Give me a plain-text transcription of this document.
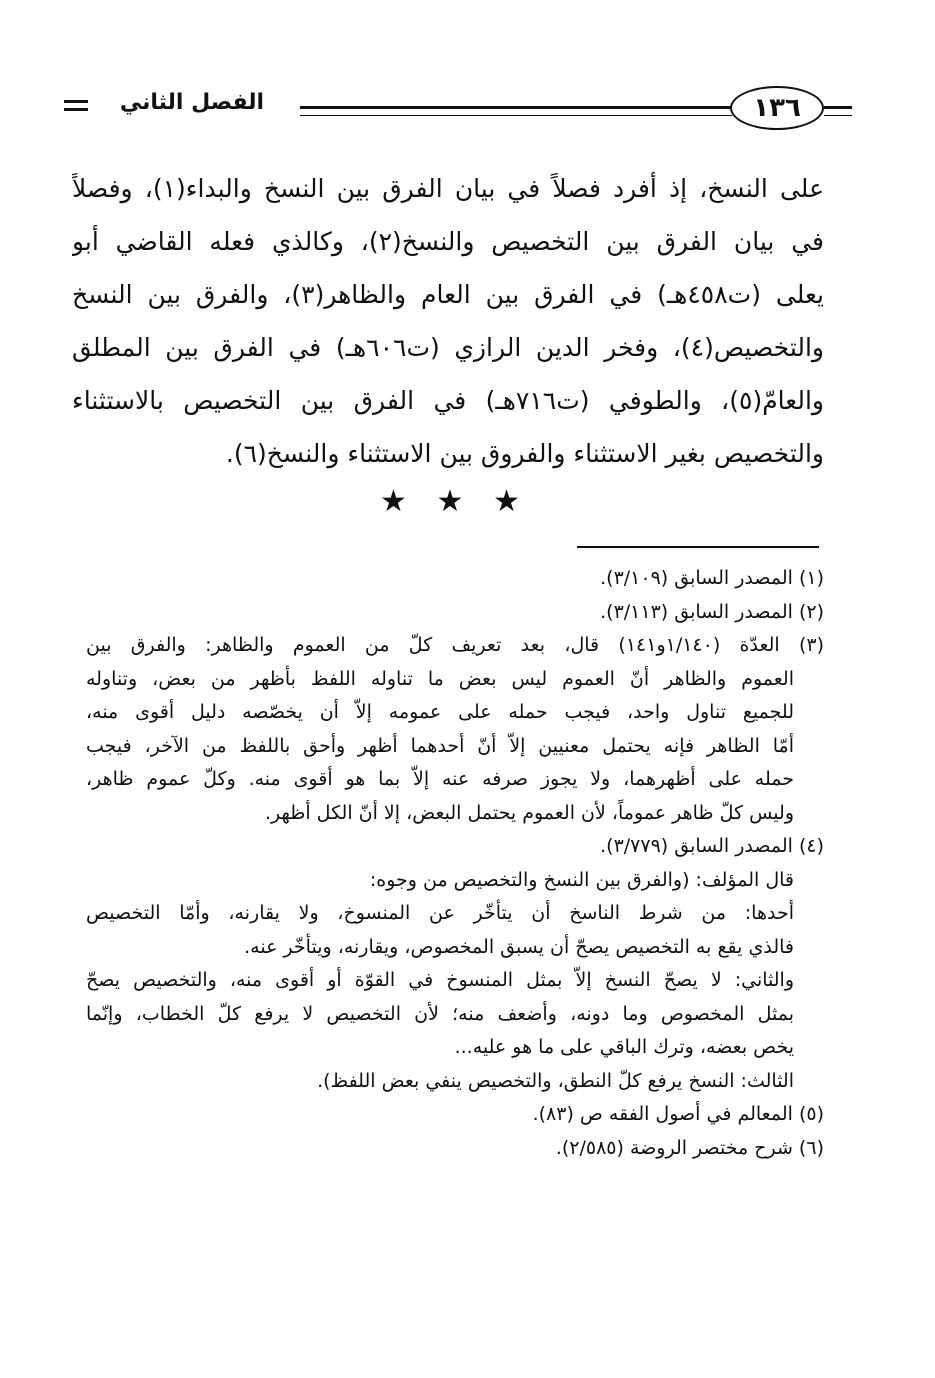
١٣٦
الفصل الثاني
على النسخ، إذ أفرد فصلاً في بيان الفرق بين النسخ والبداء(١)، وفصلاً
في بيان الفرق بين التخصيص والنسخ(٢)، وكالذي فعله القاضي أبو
يعلى (ت٤٥٨هـ) في الفرق بين العام والظاهر(٣)، والفرق بين النسخ
والتخصيص(٤)، وفخر الدين الرازي (ت٦٠٦هـ) في الفرق بين المطلق
والعامّ(٥)، والطوفي (ت٧١٦هـ) في الفرق بين التخصيص بالاستثناء
والتخصيص بغير الاستثناء والفروق بين الاستثناء والنسخ(٦).
★ ★ ★
(١) المصدر السابق (٣/١٠٩).
(٢) المصدر السابق (٣/١١٣).
(٣) العدّة (١/١٤٠و١٤١) قال، بعد تعريف كلّ من العموم والظاهر: والفرق بين
العموم والظاهر أنّ العموم ليس بعض ما تناوله اللفظ بأظهر من بعض، وتناوله
للجميع تناول واحد، فيجب حمله على عمومه إلاّ أن يخصّصه دليل أقوى منه،
أمّا الظاهر فإنه يحتمل معنيين إلاّ أنّ أحدهما أظهر وأحق باللفظ من الآخر، فيجب
حمله على أظهرهما، ولا يجوز صرفه عنه إلاّ بما هو أقوى منه. وكلّ عموم ظاهر،
وليس كلّ ظاهر عموماً، لأن العموم يحتمل البعض، إلا أنّ الكل أظهر.
(٤) المصدر السابق (٣/٧٧٩).
قال المؤلف: (والفرق بين النسخ والتخصيص من وجوه:
أحدها: من شرط الناسخ أن يتأخّر عن المنسوخ، ولا يقارنه، وأمّا التخصيص
فالذي يقع به التخصيص يصحّ أن يسبق المخصوص، ويقارنه، ويتأخّر عنه.
والثاني: لا يصحّ النسخ إلاّ بمثل المنسوخ في القوّة أو أقوى منه، والتخصيص يصحّ
بمثل المخصوص وما دونه، وأضعف منه؛ لأن التخصيص لا يرفع كلّ الخطاب، وإنّما
يخص بعضه، وترك الباقي على ما هو عليه...
الثالث: النسخ يرفع كلّ النطق، والتخصيص ينفي بعض اللفظ).
(٥) المعالم في أصول الفقه ص (٨٣).
(٦) شرح مختصر الروضة (٢/٥٨٥).
